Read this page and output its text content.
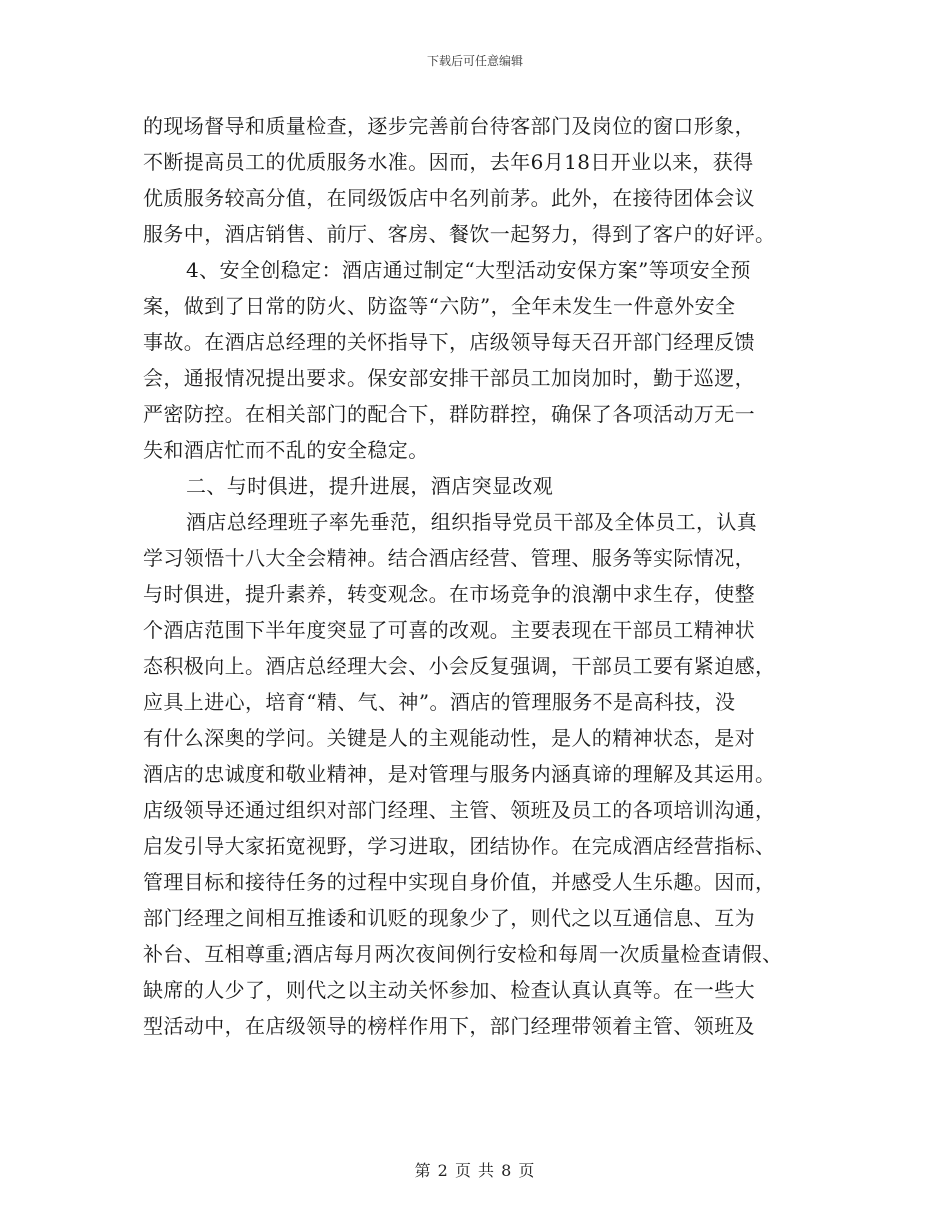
下载后可任意编辑
的现场督导和质量检查，逐步完善前台待客部门及岗位的窗口形象，
不断提高员工的优质服务水准。因而，去年6月18日开业以来，获得
优质服务较高分值，在同级饭店中名列前茅。此外，在接待团体会议
服务中，酒店销售、前厅、客房、餐饮一起努力，得到了客户的好评。
4、安全创稳定：酒店通过制定“大型活动安保方案”等项安全预
案，做到了日常的防火、防盗等“六防”，全年未发生一件意外安全
事故。在酒店总经理的关怀指导下，店级领导每天召开部门经理反馈
会，通报情况提出要求。保安部安排干部员工加岗加时，勤于巡逻，
严密防控。在相关部门的配合下，群防群控，确保了各项活动万无一
失和酒店忙而不乱的安全稳定。
二、与时俱进，提升进展，酒店突显改观
酒店总经理班子率先垂范，组织指导党员干部及全体员工，认真
学习领悟十八大全会精神。结合酒店经营、管理、服务等实际情况，
与时俱进，提升素养，转变观念。在市场竞争的浪潮中求生存，使整
个酒店范围下半年度突显了可喜的改观。主要表现在干部员工精神状
态积极向上。酒店总经理大会、小会反复强调，干部员工要有紧迫感，
应具上进心，培育“精、气、神”。酒店的管理服务不是高科技，没
有什么深奥的学问。关键是人的主观能动性，是人的精神状态，是对
酒店的忠诚度和敬业精神，是对管理与服务内涵真谛的理解及其运用。
店级领导还通过组织对部门经理、主管、领班及员工的各项培训沟通，
启发引导大家拓宽视野，学习进取，团结协作。在完成酒店经营指标、
管理目标和接待任务的过程中实现自身价值，并感受人生乐趣。因而，
部门经理之间相互推诿和讥贬的现象少了，则代之以互通信息、互为
补台、互相尊重;酒店每月两次夜间例行安检和每周一次质量检查请假、
缺席的人少了，则代之以主动关怀参加、检查认真认真等。在一些大
型活动中，在店级领导的榜样作用下，部门经理带领着主管、领班及
第 2 页 共 8 页
